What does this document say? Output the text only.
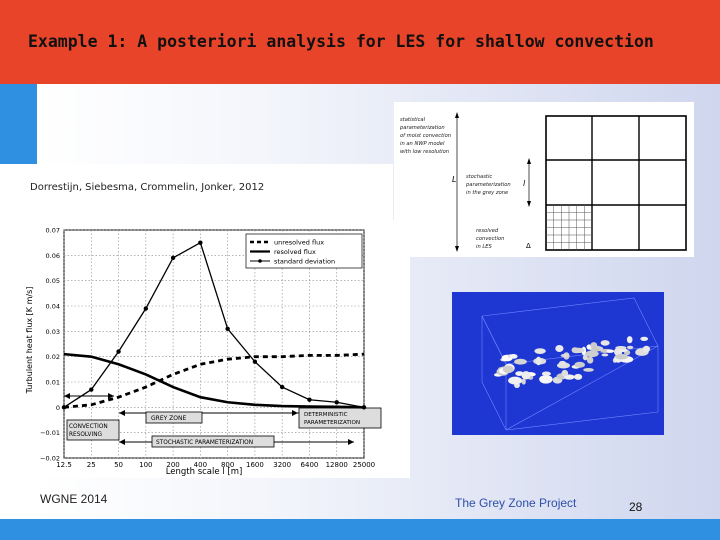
Example 1: A posteriori analysis for LES for shallow convection
Dorrestijn, Siebesma, Crommelin, Jonker, 2012
12.5 25	50 100 200 400 800 1600 3200 6400 12800 25000
0.07
0.06
0.05
0.04
0.03
0.02
0.01
0
−0.01
−0.02
CONVECTION
RESOLVING
GREY ZONE	DETERMINISTIC
PARAMETERIZATION
STOCHASTIC PARAMETERIZATION
unresolved flux
resolved flux
standard deviation
Turbulent heat flux [K m/s]
Length scale l [m]
L	l
Δ
statistical
parameterization
of moist convection
in an NWP model
with low resolution
stochastic
parameterization
in the grey zone
resolved
convection
in LES
WGNE 2014	The Grey Zone Project	28
